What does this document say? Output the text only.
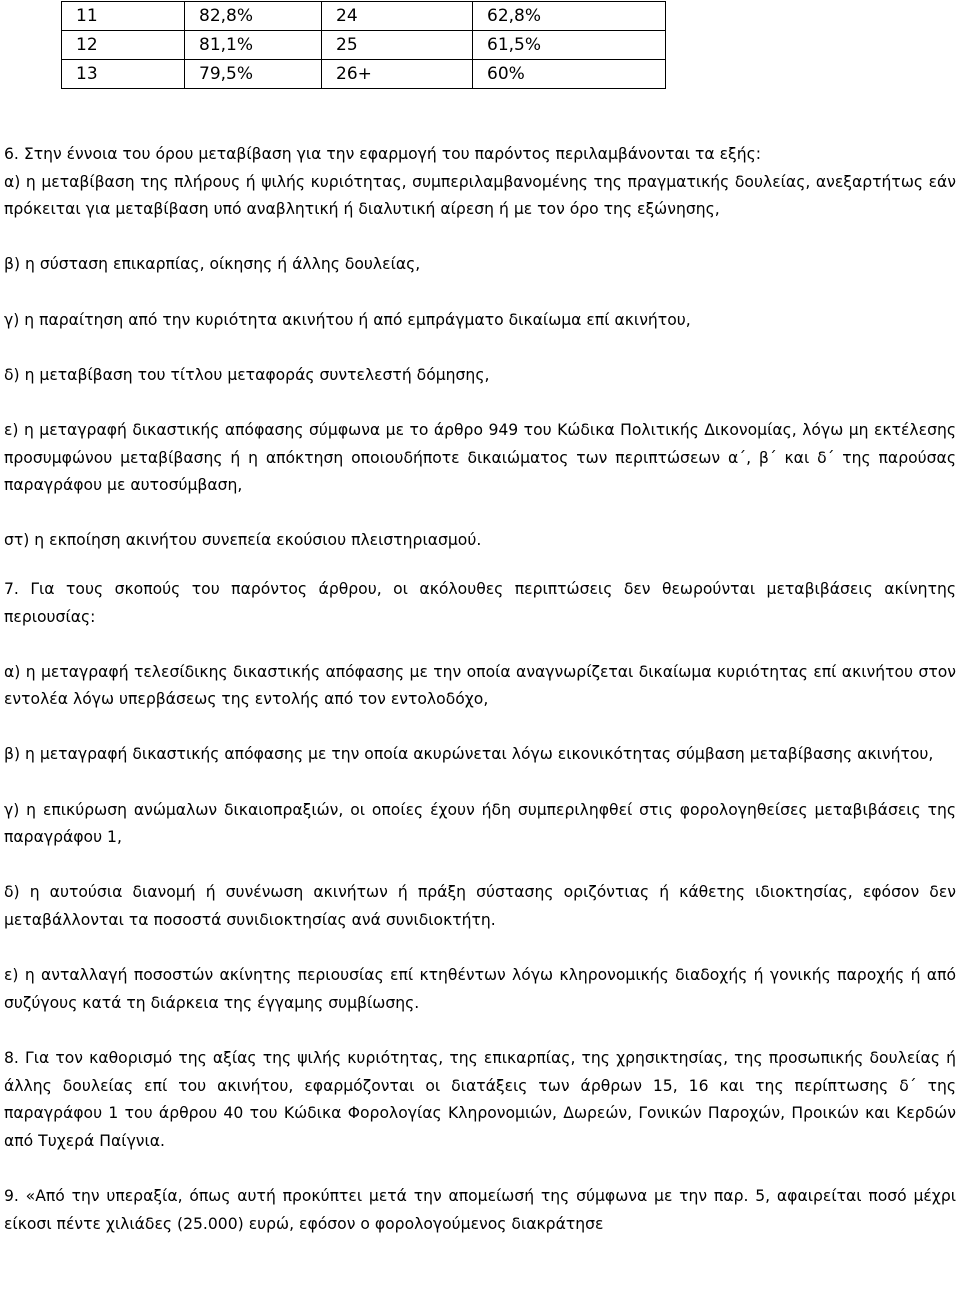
11	82,8%	24	62,8%
12	81,1%	25	61,5%
13	79,5%	26+	60%

6. Στην έννοια του όρου μεταβίβαση για την εφαρμογή του παρόντος περιλαμβάνονται τα εξής:

α) η μεταβίβαση της πλήρους ή ψιλής κυριότητας, συμπεριλαμβανομένης της πραγματικής δουλείας, ανεξαρτήτως εάν πρόκειται για μεταβίβαση υπό αναβλητική ή διαλυτική αίρεση ή με τον όρο της εξώνησης,

β) η σύσταση επικαρπίας, οίκησης ή άλλης δουλείας,

γ) η παραίτηση από την κυριότητα ακινήτου ή από εμπράγματο δικαίωμα επί ακινήτου,

δ) η μεταβίβαση του τίτλου μεταφοράς συντελεστή δόμησης,

ε) η μεταγραφή δικαστικής απόφασης σύμφωνα με το άρθρο 949 του Κώδικα Πολιτικής Δικονομίας, λόγω μη εκτέλεσης προσυμφώνου μεταβίβασης ή η απόκτηση οποιουδήποτε δικαιώματος των περιπτώσεων α΄, β΄ και δ΄ της παρούσας παραγράφου με αυτοσύμβαση,

στ) η εκποίηση ακινήτου συνεπεία εκούσιου πλειστηριασμού.

7. Για τους σκοπούς του παρόντος άρθρου, οι ακόλουθες περιπτώσεις δεν θεωρούνται μεταβιβάσεις ακίνητης περιουσίας:

α) η μεταγραφή τελεσίδικης δικαστικής απόφασης με την οποία αναγνωρίζεται δικαίωμα κυριότητας επί ακινήτου στον εντολέα λόγω υπερβάσεως της εντολής από τον εντολοδόχο,

β) η μεταγραφή δικαστικής απόφασης με την οποία ακυρώνεται λόγω εικονικότητας σύμβαση μεταβίβασης ακινήτου,

γ) η επικύρωση ανώμαλων δικαιοπραξιών, οι οποίες έχουν ήδη συμπεριληφθεί στις φορολογηθείσες μεταβιβάσεις της παραγράφου 1,

δ) η αυτούσια διανομή ή συνένωση ακινήτων ή πράξη σύστασης οριζόντιας ή κάθετης ιδιοκτησίας, εφόσον δεν μεταβάλλονται τα ποσοστά συνιδιοκτησίας ανά συνιδιοκτήτη.

ε) η ανταλλαγή ποσοστών ακίνητης περιουσίας επί κτηθέντων λόγω κληρονομικής διαδοχής ή γονικής παροχής ή από συζύγους κατά τη διάρκεια της έγγαμης συμβίωσης.

8. Για τον καθορισμό της αξίας της ψιλής κυριότητας, της επικαρπίας, της χρησικτησίας, της προσωπικής δουλείας ή άλλης δουλείας επί του ακινήτου, εφαρμόζονται οι διατάξεις των άρθρων 15, 16 και της περίπτωσης δ΄ της παραγράφου 1 του άρθρου 40 του Κώδικα Φορολογίας Κληρονομιών, Δωρεών, Γονικών Παροχών, Προικών και Κερδών από Τυχερά Παίγνια.

9. «Από την υπεραξία, όπως αυτή προκύπτει μετά την απομείωσή της σύμφωνα με την παρ. 5, αφαιρείται ποσό μέχρι είκοσι πέντε χιλιάδες (25.000) ευρώ, εφόσον ο φορολογούμενος διακράτησε
